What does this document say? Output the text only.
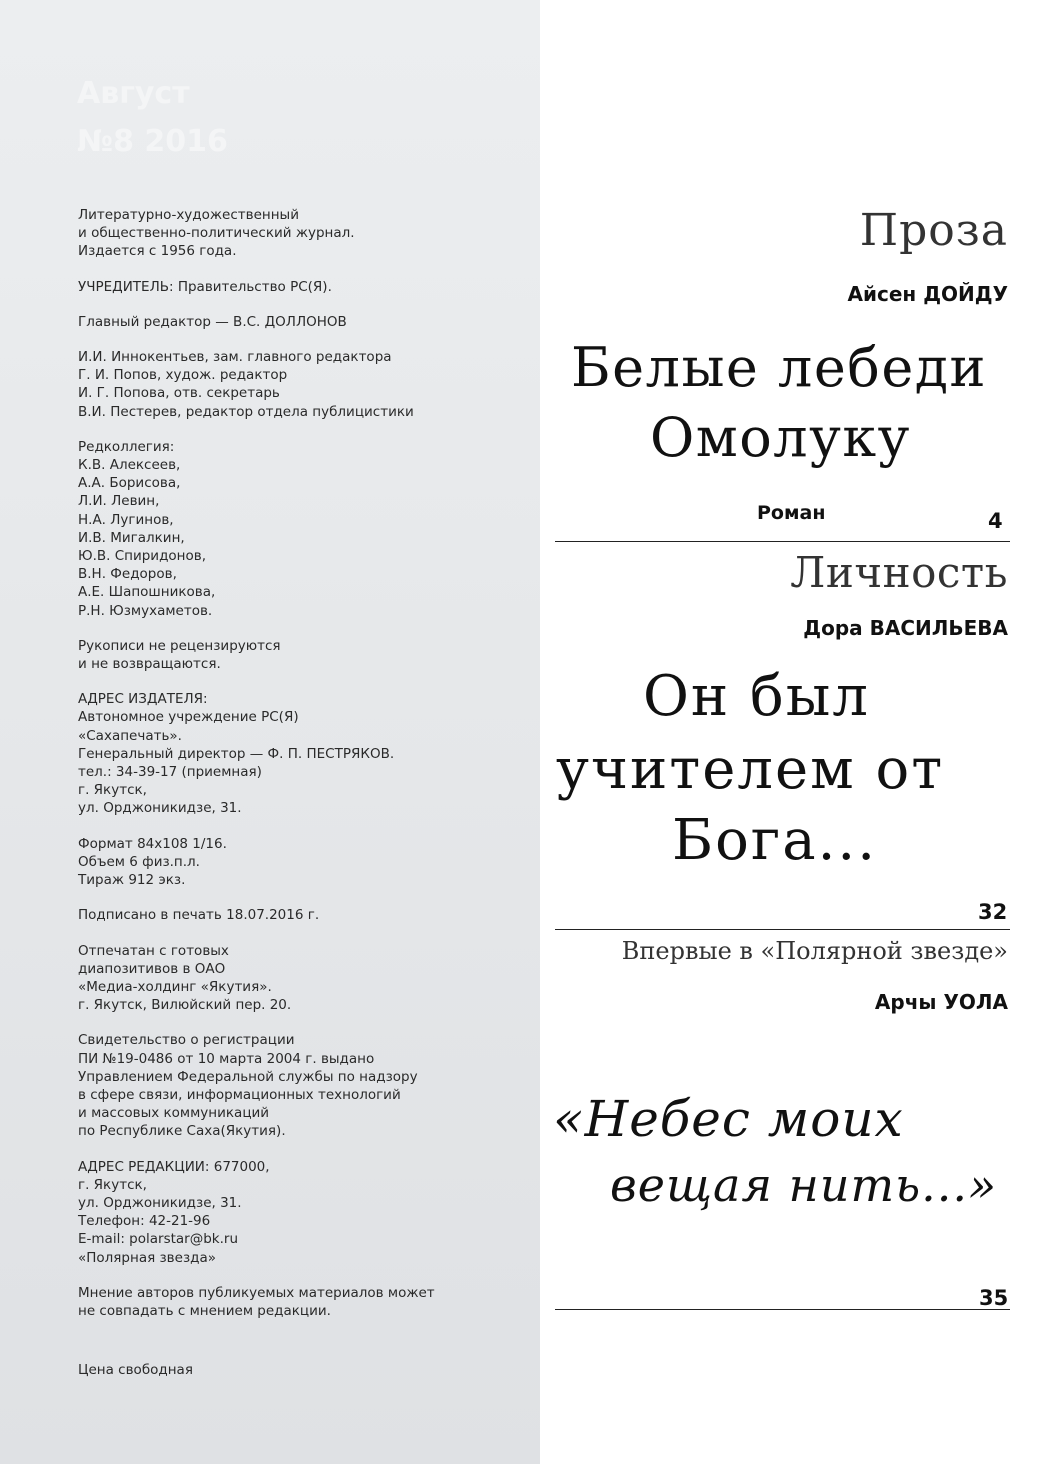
Август
№8 2016
Литературно-художественный
и общественно-политический журнал.
Издается с 1956 года.
УЧРЕДИТЕЛЬ: Правительство РС(Я).
Главный редактор — В.С. ДОЛЛОНОВ
И.И. Иннокентьев, зам. главного редактора
Г. И. Попов, худож. редактор
И. Г. Попова, отв. секретарь
В.И. Пестерев, редактор отдела публицистики
Редколлегия:
К.В. Алексеев,
А.А. Борисова,
Л.И. Левин,
Н.А. Лугинов,
И.В. Мигалкин,
Ю.В. Спиридонов,
В.Н. Федоров,
А.Е. Шапошникова,
Р.Н. Юзмухаметов.
Рукописи не рецензируются
и не возвращаются.
АДРЕС ИЗДАТЕЛЯ:
Автономное учреждение РС(Я)
«Сахапечать».
Генеральный директор — Ф. П. ПЕСТРЯКОВ.
тел.: 34-39-17 (приемная)
г. Якутск,
ул. Орджоникидзе, 31.
Формат 84x108 1/16.
Объем 6 физ.п.л.
Тираж 912 экз.
Подписано в печать 18.07.2016 г.
Отпечатан с готовых
диапозитивов в ОАО
«Медиа-холдинг «Якутия».
г. Якутск, Вилюйский пер. 20.
Свидетельство о регистрации
ПИ №19-0486 от 10 марта 2004 г. выдано
Управлением Федеральной службы по надзору
в сфере связи, информационных технологий
и массовых коммуникаций
по Республике Саха(Якутия).
АДРЕС РЕДАКЦИИ: 677000,
г. Якутск,
ул. Орджоникидзе, 31.
Телефон: 42-21-96
E-mail: polarstar@bk.ru
«Полярная звезда»
Мнение авторов публикуемых материалов может
не совпадать с мнением редакции.
Цена свободная
Проза
Айсен ДОЙДУ
Белые лебеди
Омолуку
Роман	4
Личность
Дора ВАСИЛЬЕВА
Он был
учителем от
Бога...
32
Впервые в «Полярной звезде»
Арчы УОЛА
«Небес моих
вещая нить...»
35
